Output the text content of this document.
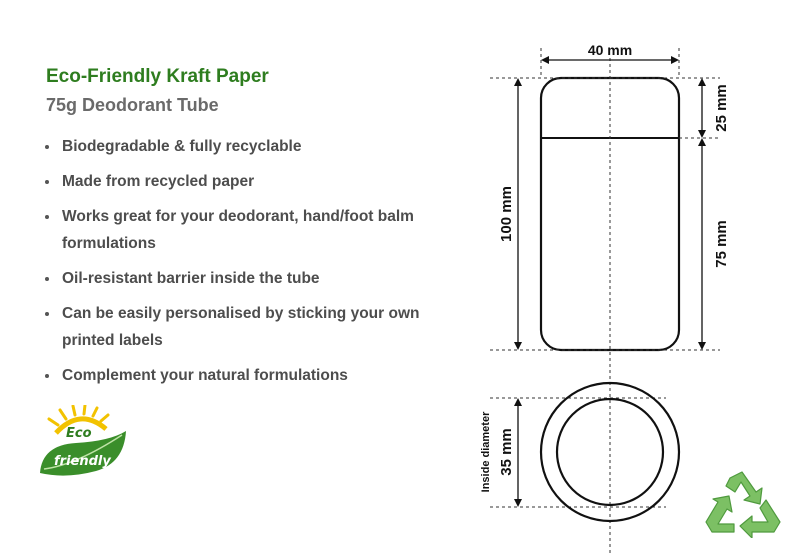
Eco-Friendly Kraft Paper
75g Deodorant Tube
Biodegradable & fully recyclable
Made from recycled paper
Works great for your deodorant, hand/foot balm formulations
Oil-resistant barrier inside the tube
Can be easily personalised by sticking your own printed labels
Complement your natural formulations
Eco
friendly
40 mm
100 mm
25 mm
75 mm
Inside diameter 35 mm
